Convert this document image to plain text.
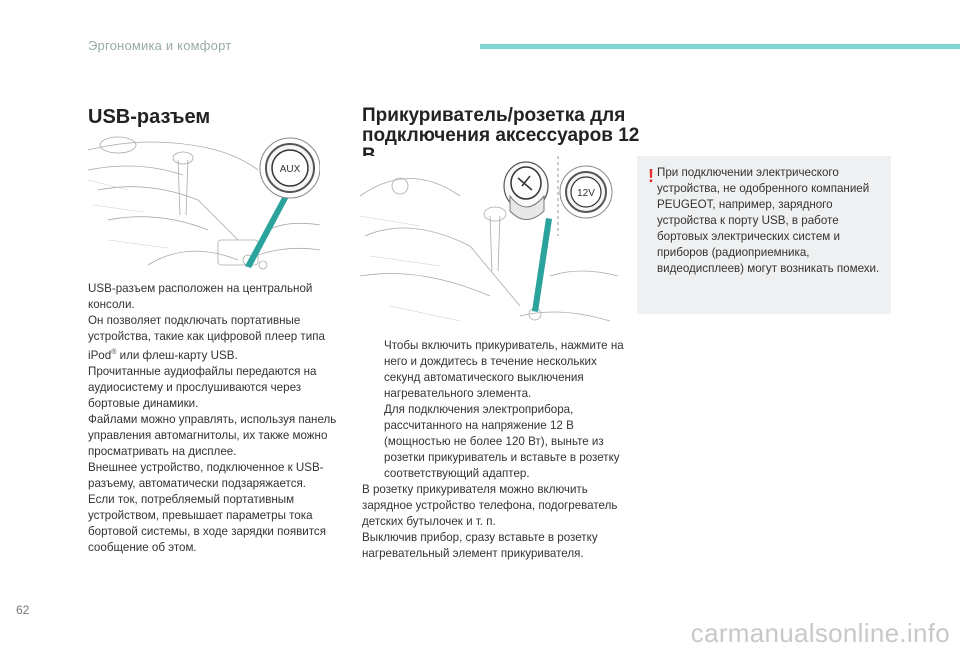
Эргономика и комфорт
USB-разъем	Прикуриватель/розетка для подключения аксессуаров 12
AUX
12V

USB-разъем расположен на центральной консоли.

Он позволяет подключать портативные устройства, такие как цифровой плеер типа
iPod® или флеш-карту USB.

Прочитанные аудиофайлы передаются на аудиосистему и прослушиваются через бортовые динамики.

Файлами можно управлять, используя панель управления автомагнитолы, их также можно просматривать на дисплее.

Внешнее устройство, подключенное к USB-разъему, автоматически подзаряжается.

Если ток, потребляемый портативным устройством, превышает параметры тока бортовой системы, в ходе зарядки появится сообщение об этом.

Чтобы включить прикуриватель, нажмите на него и дождитесь в течение нескольких секунд автоматического выключения нагревательного элемента.

Для подключения электроприбора, рассчитанного на напряжение 12 В (мощностью не более 120 Вт), выньте из розетки прикуриватель и вставьте в розетку соответствующий адаптер.

В розетку прикуривателя можно включить зарядное устройство телефона, подогреватель детских бутылочек и т. п.

Выключив прибор, сразу вставьте в розетку нагревательный элемент прикуривателя.

! При подключении электрического устройства, не одобренного компанией PEUGEOT, например, зарядного устройства к порту USB, в работе бортовых электрических систем и приборов (радиоприемника, видеодисплеев) могут возникать помехи.
62
carmanualsonline.info
